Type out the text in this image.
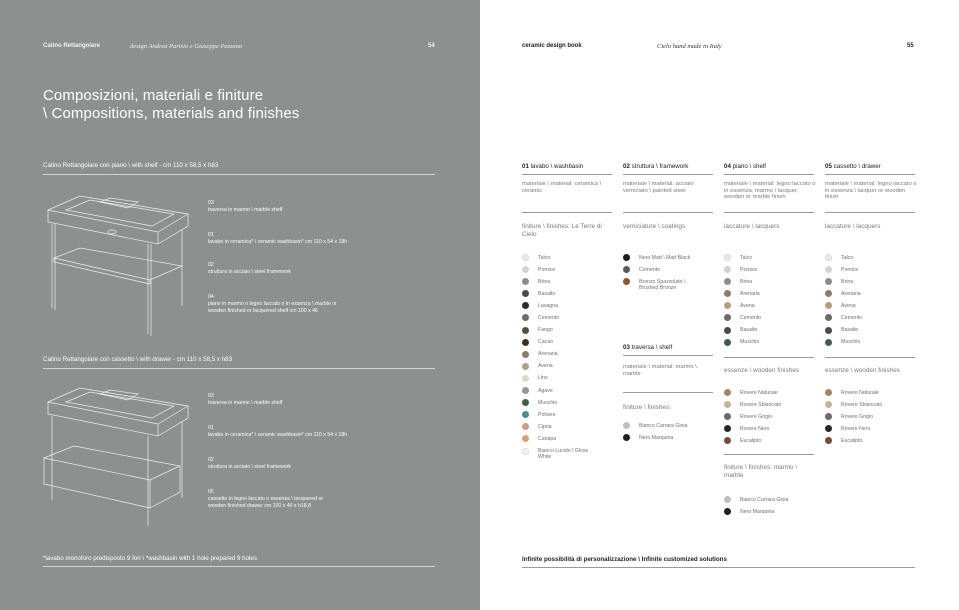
Catino Rettangolare	design Andrea Parisio e Giuseppe Pezzano	54
Composizioni, materiali e finiture
\ Compositions, materials and finishes
Catino Rettangolare con piano \ with shelf - cm 110 x 58,5 x h83
03
traversa in marmo \ marble shelf
01
lavabo in ceramica* \ ceramic washbasin* cm 110 x 54 x 18h
02
struttura in acciaio \ steel framework
04
piano in marmo o legno laccato o in essenza \ marble or wooden finished or lacquered shelf cm 100 x 46
Catino Rettangolare con cassetto \ with drawer - cm 110 x 58,5 x h83
03
traversa in marmo \ marble shelf
01
lavabo in ceramica* \ ceramic washbasin* cm 110 x 54 x 18h
02
struttura in acciaio \ steel framework
05
cassetto in legno laccato o essenza \ lacquered or wooden finished drawer cm 100 x 46 x h18,8
*lavabo monoforo predisposto 9 fori \ *washbasin with 1 hole prepared 9 holes
ceramic design book	Cielo hand made in Italy	55
01 lavabo \ washbasin
materiale \ material: ceramica \ ceramic
finiture \ finishes: Le Terre di Cielo
Talco
Pomice
Brina
Basalto
Lavagna
Cemento
Fango
Cacao
Arenaria
Avena
Lino
Agave
Muschio
Polvere
Cipria
Canapa
Bianco Lucido \ Gloss White
02 struttura \ framework
materiale \ material: acciaio verniciato \ painted steel
verniciature \ coatings
Nero Matt \ Matt Black
Cemento
Bronzo Spazzolato \ Brushed Bronze
03 traversa \ shelf
materiale \ material: marmo \ marble
finiture \ finishes:
Bianco Carrara Gioia
Nero Marquina
04 piano \ shelf
materiale \ material: legno laccato o in essenza, marmo \ lacquer, wooden or marble finish
laccature \ lacquers
Talco
Pomice
Brina
Arenaria
Avena
Cemento
Basalto
Muschio
essenze \ wooden finishes
Rovere Naturale
Rovere Sbiancato
Rovere Grigio
Rovere Nero
Eucalipto
finiture \ finishes: marmo \ marble
Bianco Carrara Gioia
Nero Marquina
05 cassetto \ drawer
materiale \ material: legno laccato o in essenza \ lacquer or wooden finish
laccature \ lacquers
Talco
Pomice
Brina
Arenaria
Avena
Cemento
Basalto
Muschio
essenze \ wooden finishes
Rovere Naturale
Rovere Sbiancato
Rovere Grigio
Rovere Nero
Eucalipto
Infinite possibilità di personalizzazione \ Infinite customized solutions
